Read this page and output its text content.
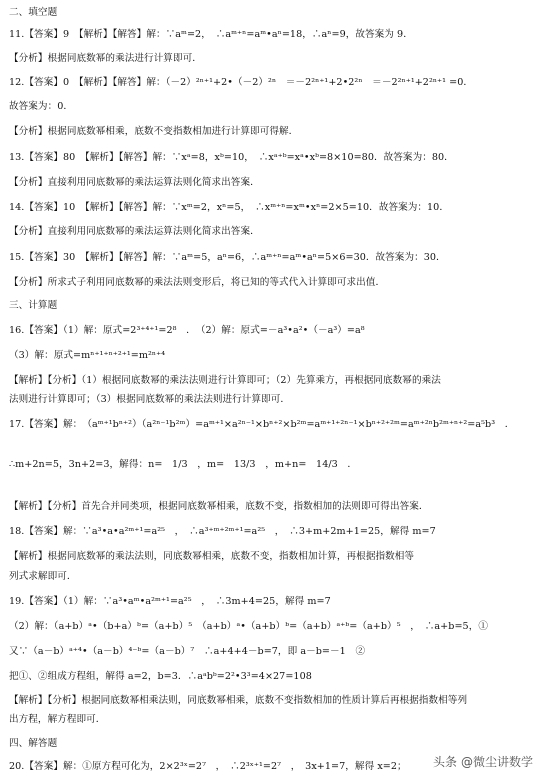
二、填空题
11.【答案】9　【解析】【解答】解：∵aᵐ=2，　∴aᵐ⁺ⁿ=aᵐ•aⁿ=18，∴aⁿ=9，故答案为 9．
【分析】根据同底数幂的乘法进行计算即可．
12.【答案】0　【解析】【解答】解：（－2）²ⁿ⁺¹+2•（－2）²ⁿ　＝－2²ⁿ⁺¹+2•2²ⁿ　＝－2²ⁿ⁺¹+2²ⁿ⁺¹ =0．
故答案为：0．
【分析】根据同底数幂相乘，底数不变指数相加进行计算即可得解．
13.【答案】80　【解析】【解答】解：∵xᵃ=8，xᵇ=10，　∴xᵃ⁺ᵇ=xᵃ•xᵇ=8×10=80．故答案为：80．
【分析】直接利用同底数幂的乘法运算法则化简求出答案．
14.【答案】10　【解析】【解答】解：∵xᵐ=2，xⁿ=5，　∴xᵐ⁺ⁿ=xᵐ•xⁿ=2×5=10．故答案为：10．
【分析】直接利用同底数幂的乘法运算法则化简求出答案．
15.【答案】30　【解析】【解答】解：∵aᵐ=5，aⁿ=6，∴aᵐ⁺ⁿ=aᵐ•aⁿ=5×6=30．故答案为：30．
【分析】所求式子利用同底数幂的乘法法则变形后，将已知的等式代入计算即可求出值．
三、计算题
16.【答案】（1）解：原式=2³⁺⁴⁺¹=2⁸　．　（2）解：原式=－a³•a²•（－a³）=a⁸
（3）解：原式=mⁿ⁺¹⁺ⁿ⁺²⁺¹=m²ⁿ⁺⁴
【解析】【分析】（1）根据同底数幂的乘法法则进行计算即可；（2）先算乘方，再根据同底数幂的乘法
法则进行计算即可；（3）根据同底数幂的乘法法则进行计算即可．
17.【答案】解：　（aᵐ⁺¹bⁿ⁺²）（a²ⁿ⁻¹b²ᵐ）=aᵐ⁺¹×a²ⁿ⁻¹×bⁿ⁺²×b²ᵐ=aᵐ⁺¹⁺²ⁿ⁻¹×bⁿ⁺²⁺²ᵐ=aᵐ⁺²ⁿb²ᵐ⁺ⁿ⁺²=a⁵b³　．
∴m+2n=5，3n+2=3，解得：n=　1/3　，m=　13/3　，m+n=　14/3　．
【解析】【分析】首先合并同类项，根据同底数幂相乘，底数不变，指数相加的法则即可得出答案．
18.【答案】解：∵a³•a•a²ᵐ⁺¹=a²⁵　，　∴a³⁺ᵐ⁺²ᵐ⁺¹=a²⁵　，　∴3+m+2m+1=25，解得 m=7
【解析】根据同底数幂的乘法法则，同底数幂相乘，底数不变，指数相加计算，再根据指数相等
列式求解即可．
19.【答案】（1）解：∵a³•aᵐ•a²ᵐ⁺¹=a²⁵　，　∴3m+4=25，解得 m=7
（2）解：（a+b）ᵃ•（b+a）ᵇ=（a+b）⁵　（a+b）ᵃ•（a+b）ᵇ=（a+b）ᵃ⁺ᵇ=（a+b）⁵　，　∴a+b=5，①
又∵（a－b）ᵃ⁺⁴•（a－b）⁴⁻ᵇ=（a－b）⁷　∴a+4+4－b=7，即 a－b=－1　②
把①、②组成方程组，解得 a=2，b=3．∴aᵃbᵇ=2²•3³=4×27=108
【解析】【分析】根据同底数幂相乘法则，同底数幂相乘，底数不变指数相加的性质计算后再根据指数相等列
出方程，解方程即可．
四、解答题
20.【答案】解：①原方程可化为，2×2³ˣ=2⁷　，　∴2³ˣ⁺¹=2⁷　，　3x+1=7，解得 x=2；	头条 @微尘讲数学
